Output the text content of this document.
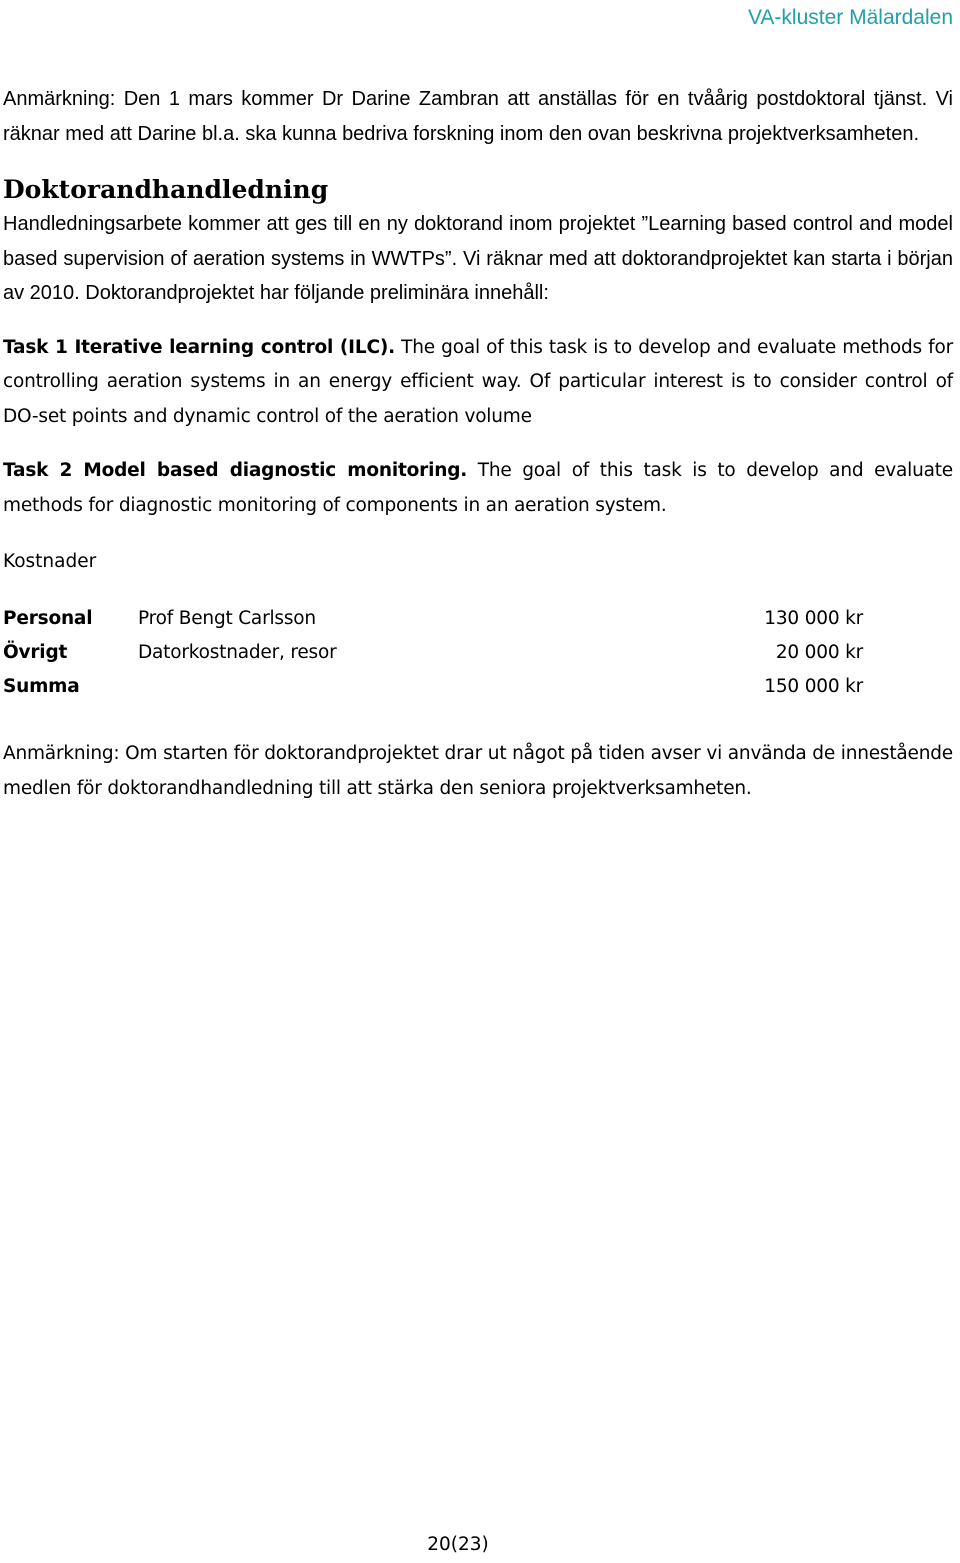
VA-kluster Mälardalen

Anmärkning: Den 1 mars kommer Dr Darine Zambran att anställas för en tvåårig postdoktoral tjänst. Vi räknar med att Darine bl.a. ska kunna bedriva forskning inom den ovan beskrivna projektverksamheten.

Doktorandhandledning

Handledningsarbete kommer att ges till en ny doktorand inom projektet ”Learning based control and model based supervision of aeration systems in WWTPs”. Vi räknar med att doktorandprojektet kan starta i början av 2010. Doktorandprojektet har följande preliminära innehåll:

Task 1 Iterative learning control (ILC). The goal of this task is to develop and evaluate methods for controlling aeration systems in an energy efficient way. Of particular interest is to consider control of DO-set points and dynamic control of the aeration volume

Task 2 Model based diagnostic monitoring. The goal of this task is to develop and evaluate methods for diagnostic monitoring of components in an aeration system.

Kostnader
Personal	Prof Bengt Carlsson	130 000 kr
Övrigt	Datorkostnader, resor	20 000 kr
Summa		150 000 kr

Anmärkning: Om starten för doktorandprojektet drar ut något på tiden avser vi använda de innestående medlen för doktorandhandledning till att stärka den seniora projektverksamheten.

20(23)
